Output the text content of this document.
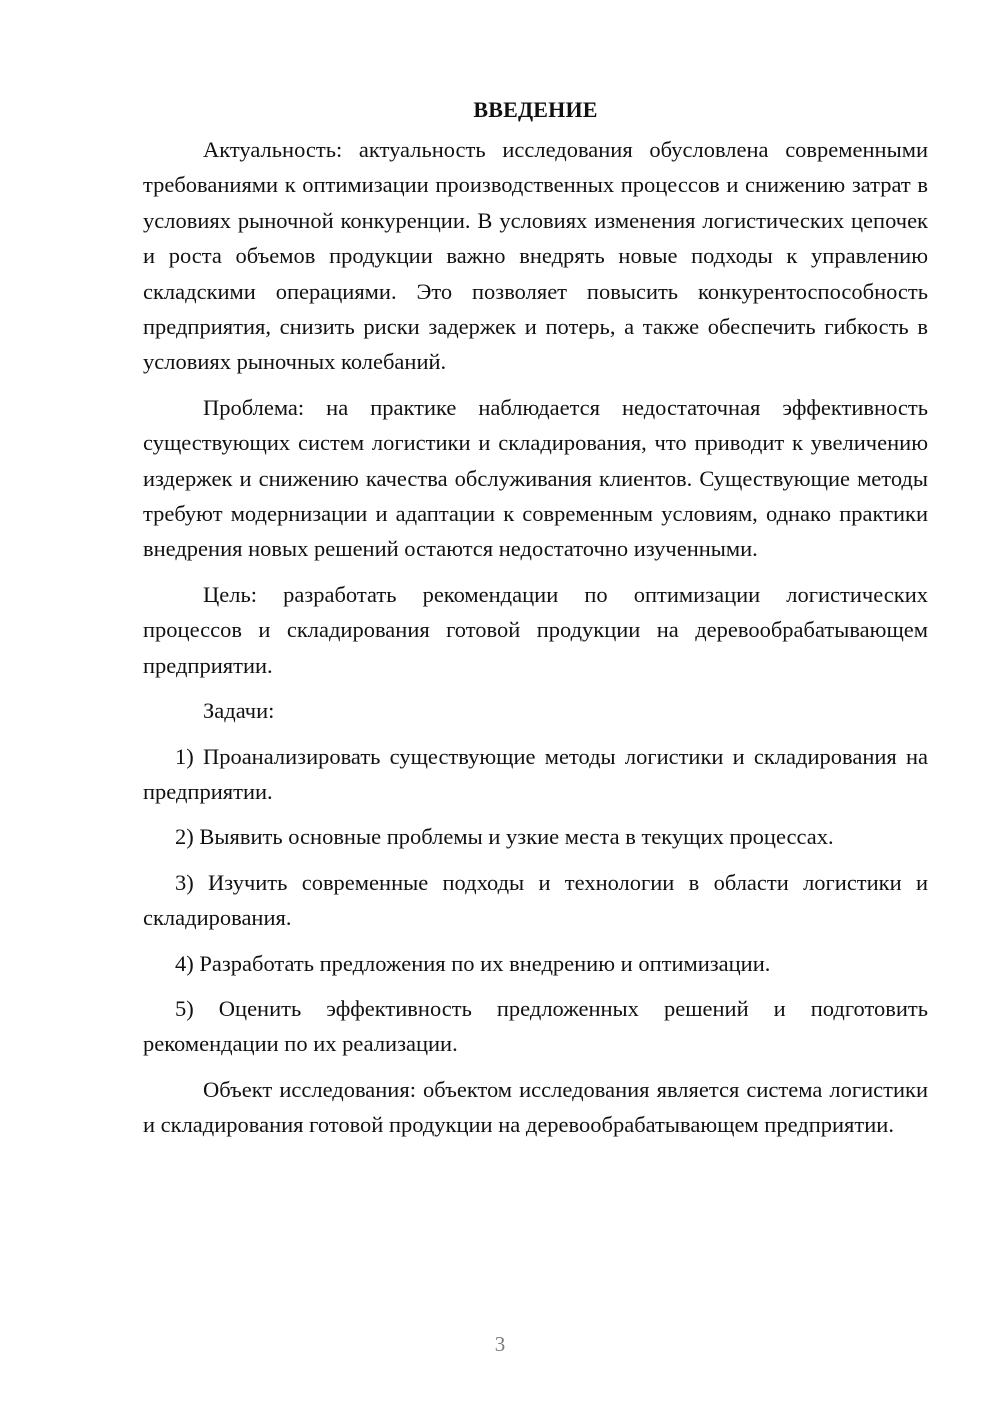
ВВЕДЕНИЕ

Актуальность: актуальность исследования обусловлена современными требованиями к оптимизации производственных процессов и снижению затрат в условиях рыночной конкуренции. В условиях изменения логистических цепочек и роста объемов продукции важно внедрять новые подходы к управлению складскими операциями. Это позволяет повысить конкурентоспособность предприятия, снизить риски задержек и потерь, а также обеспечить гибкость в условиях рыночных колебаний.

Проблема: на практике наблюдается недостаточная эффективность существующих систем логистики и складирования, что приводит к увеличению издержек и снижению качества обслуживания клиентов. Существующие методы требуют модернизации и адаптации к современным условиям, однако практики внедрения новых решений остаются недостаточно изученными.

Цель: разработать рекомендации по оптимизации логистических процессов и складирования готовой продукции на деревообрабатывающем предприятии.

Задачи:

1) Проанализировать существующие методы логистики и складирования на предприятии.

2) Выявить основные проблемы и узкие места в текущих процессах.

3) Изучить современные подходы и технологии в области логистики и складирования.

4) Разработать предложения по их внедрению и оптимизации.

5) Оценить эффективность предложенных решений и подготовить рекомендации по их реализации.

Объект исследования: объектом исследования является система логистики и складирования готовой продукции на деревообрабатывающем предприятии.

3
